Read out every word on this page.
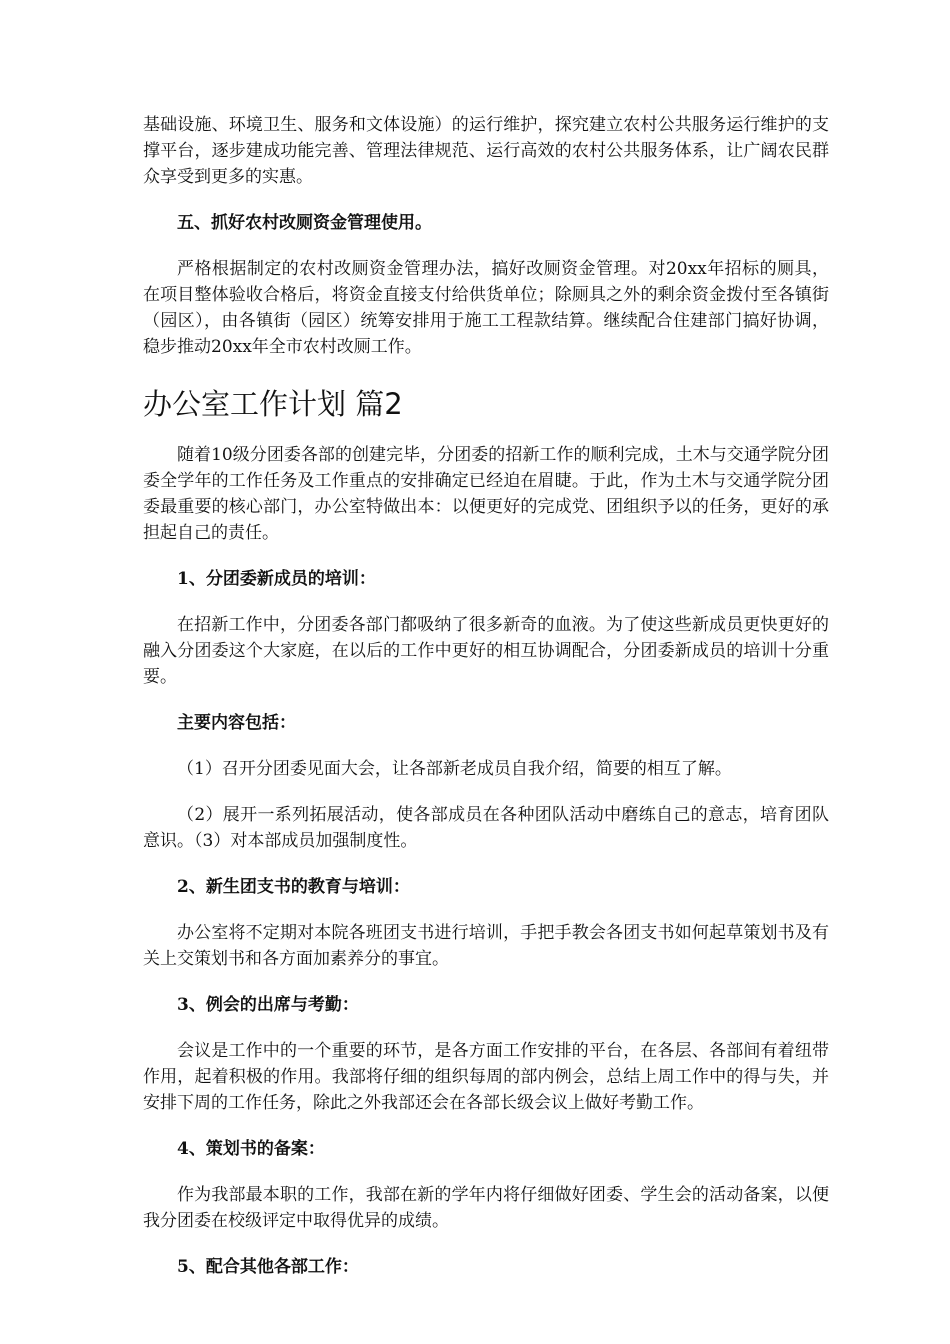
基础设施、环境卫生、服务和文体设施）的运行维护，探究建立农村公共服务运行维护的支撑平台，逐步建成功能完善、管理法律规范、运行高效的农村公共服务体系，让广阔农民群众享受到更多的实惠。

五、抓好农村改厕资金管理使用。

严格根据制定的农村改厕资金管理办法，搞好改厕资金管理。对20xx年招标的厕具，在项目整体验收合格后，将资金直接支付给供货单位；除厕具之外的剩余资金拨付至各镇街（园区），由各镇街（园区）统筹安排用于施工工程款结算。继续配合住建部门搞好协调，稳步推动20xx年全市农村改厕工作。

办公室工作计划 篇2

随着10级分团委各部的创建完毕，分团委的招新工作的顺利完成，土木与交通学院分团委全学年的工作任务及工作重点的安排确定已经迫在眉睫。于此，作为土木与交通学院分团委最重要的核心部门，办公室特做出本：以便更好的完成党、团组织予以的任务，更好的承担起自己的责任。

1、分团委新成员的培训：

在招新工作中，分团委各部门都吸纳了很多新奇的血液。为了使这些新成员更快更好的融入分团委这个大家庭，在以后的工作中更好的相互协调配合，分团委新成员的培训十分重要。

主要内容包括：

（1）召开分团委见面大会，让各部新老成员自我介绍，简要的相互了解。

（2）展开一系列拓展活动，使各部成员在各种团队活动中磨练自己的意志，培育团队意识。（3）对本部成员加强制度性。

2、新生团支书的教育与培训：

办公室将不定期对本院各班团支书进行培训，手把手教会各团支书如何起草策划书及有关上交策划书和各方面加素养分的事宜。

3、例会的出席与考勤：

会议是工作中的一个重要的环节，是各方面工作安排的平台，在各层、各部间有着纽带作用，起着积极的作用。我部将仔细的组织每周的部内例会，总结上周工作中的得与失，并安排下周的工作任务，除此之外我部还会在各部长级会议上做好考勤工作。

4、策划书的备案：

作为我部最本职的工作，我部在新的学年内将仔细做好团委、学生会的活动备案，以便我分团委在校级评定中取得优异的成绩。

5、配合其他各部工作：
